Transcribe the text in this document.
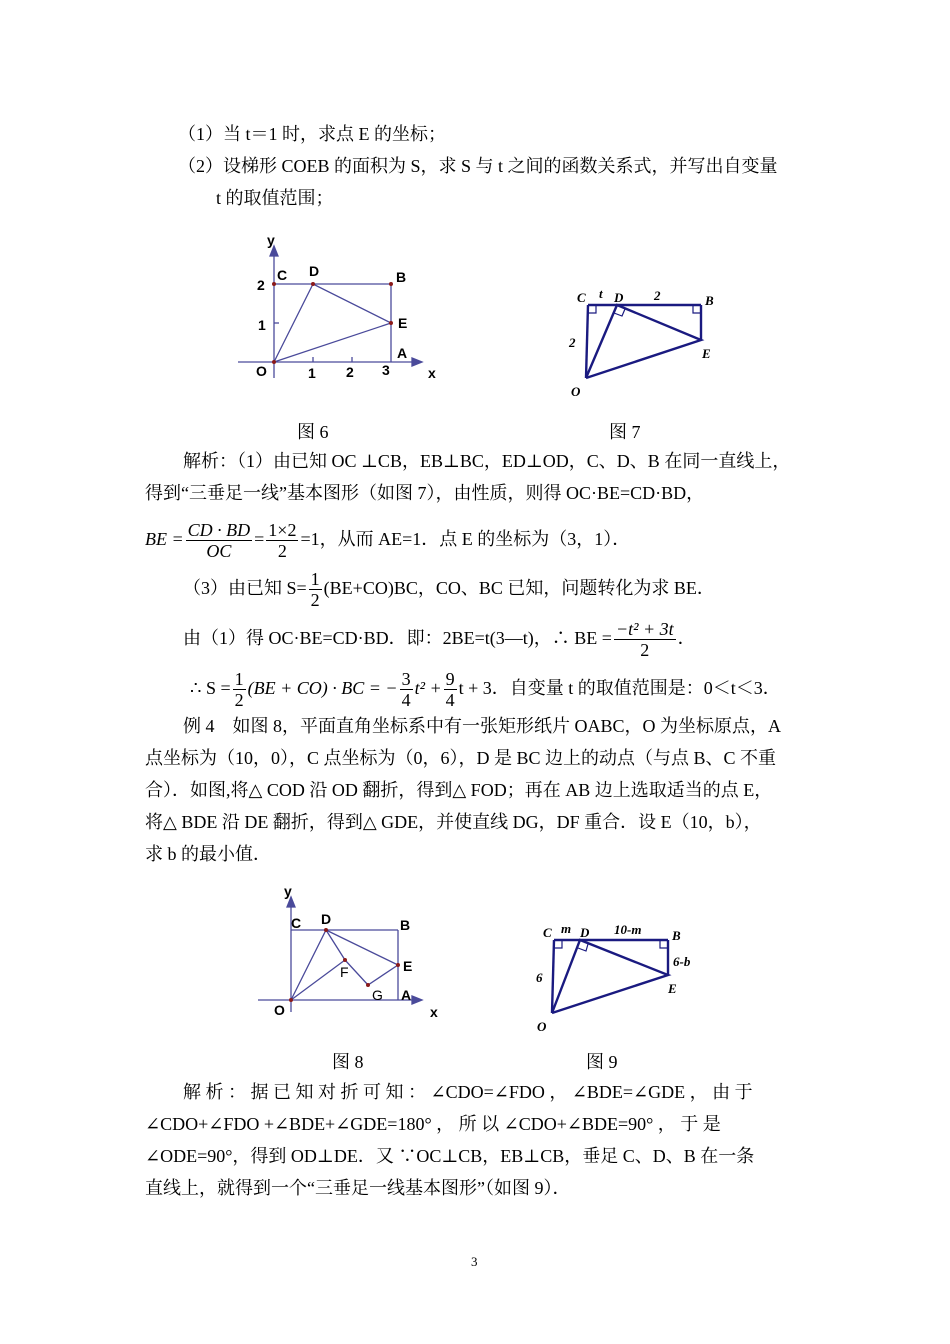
（1）当 t＝1 时，求点 E 的坐标；
（2）设梯形 COEB 的面积为 S，求 S 与 t 之间的函数关系式，并写出自变量
t 的取值范围；
y
x
C D	B
E
A
O	1 2 3
1
2
C t D 2	B
2
E
O
y
x
C D	B
E
F
G A
O
C m D 10-m B
6-b
6
E
O
图 6	图 7
解析：（1）由已知 OC ⊥CB，EB⊥BC，ED⊥OD，C、D、B 在同一直线上，
得到“三垂足一线”基本图形（如图 7），由性质，则得 OC·BE=CD·BD，
BE = $\frac{CD \cdot BD}{OC} = \frac{1\times 2}{2} =1$，从而 AE=1．点 E 的坐标为（3，1）．
（3）由已知 $S= \frac{1}{2} (BE+CO)BC$，CO、BC 已知，问题转化为求 BE．
由（1）得 OC·BE=CD·BD．即：2BE=t(3—t)，∴ BE = $\frac{\text{−t² + 3t}}{2}$ ．
∴ $S = \frac{1}{2} (BE + CO)$ · BC = − $\frac{3}{4} t^2 + \frac{9}{4}$ t + 3．自变量 t 的取值范围是：0＜t＜3．
例 4　如图 8，平面直角坐标系中有一张矩形纸片 OABC，O 为坐标原点，A
点坐标为（10，0），C 点坐标为（0，6），D 是 BC 边上的动点（与点 B、C 不重
合）．如图,将△ COD 沿 OD 翻折，得到△ FOD；再在 AB 边上选取适当的点 E，
将△ BDE 沿 DE 翻折，得到△ GDE，并使直线 DG，DF 重合．设 E（10，b），
求 b 的最小值．
图 8	图 9
解 析 ： 据 已 知 对 折 可 知 ： ∠CDO=∠FDO ， ∠BDE=∠GDE ， 由 于
∠CDO+∠FDO +∠BDE+∠GDE=180° ， 所 以 ∠CDO+∠BDE=90° ， 于 是
∠ODE=90°，得到 OD⊥DE．又 ∵OC⊥CB，EB⊥CB，垂足 C、D、B 在一条
直线上，就得到一个“三垂足一线基本图形”（如图 9）．
3
